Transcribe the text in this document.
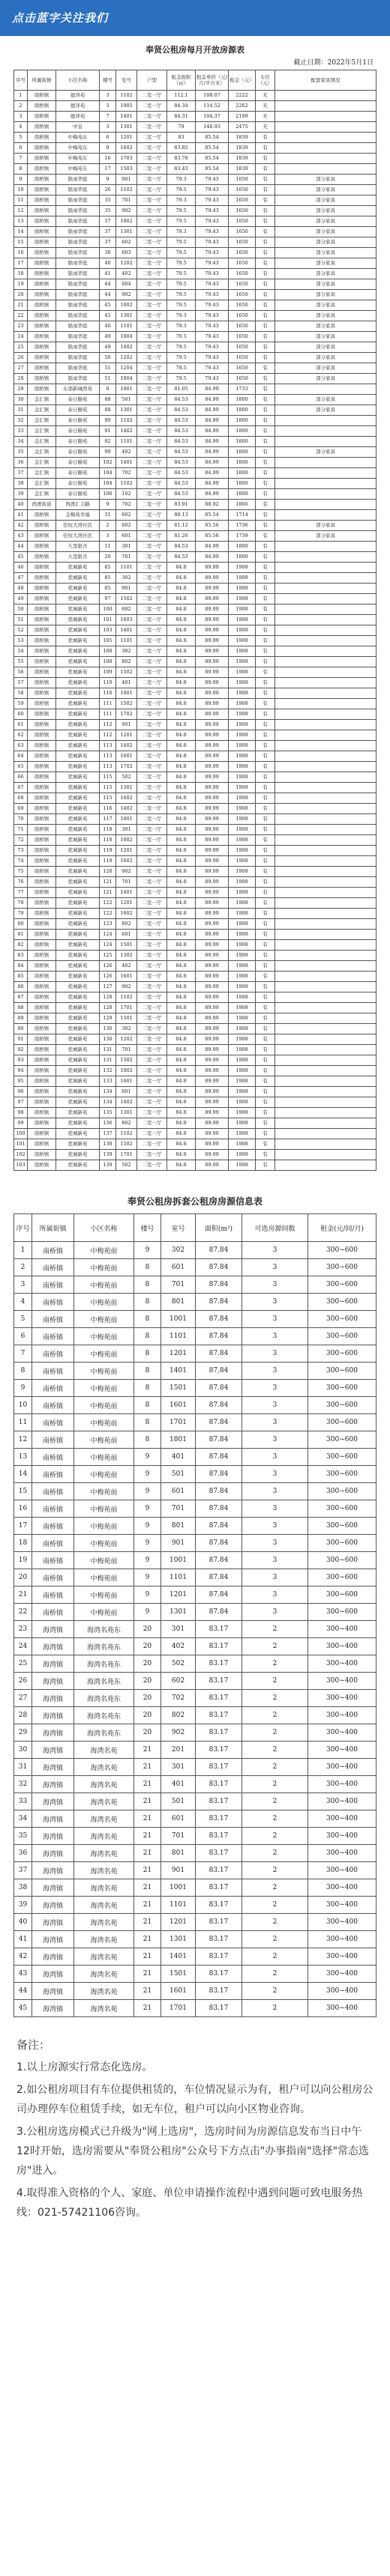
点击蓝字关注我们
奉贤公租房每月开放房源表
截止日期：2022年5月1日
序号	所属街镇	小区名称	楼号	室号	户型	租金面积（㎡）	租金单价（元/月/平方米）	租金（元）	车位（元）	配套家具情况
1	南桥镇	德泽苑	3	1102	二室一厅	112.1	108.07	2222	无	
2	南桥镇	德泽苑	3	1905	二室一厅	84.34	114.52	2262	无	
3	南桥镇	德泽苑	7	1401	二室一厅	84.31	104.37	2199	无	
4	南桥镇	中皇	3	1301	二室一厅	79	146.93	2475	无	
5	南桥镇	中梅苑东	6	1201	二室一厅	83	85.54	1839	有	
6	南桥镇	中梅苑东	9	1602	二室一厅	83.85	85.54	1839	有	
7	南桥镇	中梅苑东	16	1703	二室一厅	83.78	85.54	1839	有	
8	南桥镇	中梅苑东	17	1503	二室一厅	83.43	85.54	1839	有	
9	南桥镇	银雨华庭	9	901	二室一厅	79.3	79.43	1650	有	部分家具
10	南桥镇	银雨华庭	26	1102	二室一厅	79.5	79.43	1650	有	部分家具
11	南桥镇	银雨华庭	35	701	二室一厅	79.3	79.43	1650	有	部分家具
12	南桥镇	银雨华庭	35	902	二室一厅	79.5	79.43	1650	有	部分家具
13	南桥镇	银雨华庭	37	1002	二室一厅	79.5	79.43	1650	有	部分家具
14	南桥镇	银雨华庭	37	1301	二室一厅	79.3	79.43	1650	有	部分家具
15	南桥镇	银雨华庭	37	602	二室一厅	79.5	79.43	1650	有	部分家具
16	南桥镇	银雨华庭	38	603	二室一厅	79.5	79.43	1650	有	部分家具
17	南桥镇	银雨华庭	40	1202	二室一厅	79.5	79.43	1650	有	部分家具
18	南桥镇	银雨华庭	41	402	二室一厅	79.5	79.43	1650	有	部分家具
19	南桥镇	银雨华庭	44	604	二室一厅	79.5	79.43	1650	有	部分家具
20	南桥镇	银雨华庭	44	902	二室一厅	79.5	79.43	1650	有	部分家具
21	南桥镇	银雨华庭	45	1002	二室一厅	79.5	79.43	1650	有	部分家具
22	南桥镇	银雨华庭	45	1301	二室一厅	79.3	79.43	1650	有	部分家具
23	南桥镇	银雨华庭	46	1101	二室一厅	79.3	79.43	1650	有	部分家具
24	南桥镇	银雨华庭	49	1004	二室一厅	79.5	79.43	1650	有	部分家具
25	南桥镇	银雨华庭	49	1402	二室一厅	79.5	79.43	1650	有	部分家具
26	南桥镇	银雨华庭	50	1202	二室一厅	79.5	79.43	1650	有	部分家具
27	南桥镇	银雨华庭	51	1204	二室一厅	79.5	79.43	1650	有	部分家具
28	南桥镇	银雨华庭	51	1004	二室一厅	79.5	79.43	1650	有	部分家具
29	南桥镇	东部新城西苑	6	1001	二室一厅	81.05	84.99	1733	有	
30	金汇镇	泰日颐苑	88	501	二室一厅	84.53	84.99	1800	有	部分家具
31	金汇镇	泰日颐苑	88	1301	二室一厅	84.53	84.99	1800	有	部分家具
32	金汇镇	泰日颐苑	90	1102	二室一厅	84.53	84.99	1800	有	
33	金汇镇	泰日颐苑	91	1402	二室一厅	84.53	84.99	1800	有	
34	金汇镇	泰日颐苑	92	1101	二室一厅	84.53	84.99	1800	有	
35	金汇镇	泰日颐苑	99	402	二室一厅	84.53	84.99	1800	有	部分家具
36	金汇镇	泰日颐苑	102	1401	二室一厅	84.53	84.99	1800	有	
37	金汇镇	泰日颐苑	104	702	二室一厅	84.53	84.99	1800	有	
38	金汇镇	泰日颐苑	104	1102	二室一厅	84.53	84.99	1800	有	
39	金汇镇	泰日颐苑	106	102	二室一厅	84.53	84.99	1800	有	
40	西渡街道	西渡汇丰路	9	702	二室一厅	83.91	88.92	1866	有	
41	南桥镇	金梅苑幸福	31	602	二室一厅	80.13	85.54	1714	有	
42	南桥镇	佳恒大湾社区	2	602	二室一厅	81.12	85.56	1736	有	部分家具
43	南桥镇	佳恒大湾社区	3	601	二室一厅	81.26	85.56	1739	有	部分家具
44	南桥镇	九里银杏	11	301	二室一厅	84.53	84.99	1800	有	
45	南桥镇	九里银杏	20	701	二室一厅	84.53	84.99	1800	有	
46	南桥镇	优城新苑	85	1101	二室一厅	84.8	89.99	1908	有	
47	南桥镇	优城新苑	85	302	二室一厅	84.8	89.99	1908	有	
48	南桥镇	优城新苑	85	901	二室一厅	84.8	89.99	1908	有	
49	南桥镇	优城新苑	97	1502	二室一厅	84.8	89.99	1908	有	
50	南桥镇	优城新苑	100	602	二室一厅	84.8	89.99	1908	有	
51	南桥镇	优城新苑	101	1603	二室一厅	84.8	89.99	1908	有	
52	南桥镇	优城新苑	103	1401	二室一厅	84.8	89.99	1908	有	
53	南桥镇	优城新苑	105	1101	二室一厅	84.8	89.99	1908	有	
54	南桥镇	优城新苑	108	302	二室一厅	84.8	89.99	1908	有	
55	南桥镇	优城新苑	108	802	二室一厅	84.8	89.99	1908	有	
56	南桥镇	优城新苑	109	1502	二室一厅	84.8	89.99	1908	有	
57	南桥镇	优城新苑	110	401	二室一厅	84.8	89.99	1908	有	
58	南桥镇	优城新苑	110	1001	二室一厅	84.8	89.99	1908	有	
59	南桥镇	优城新苑	111	1502	二室一厅	84.8	89.99	1908	有	
60	南桥镇	优城新苑	111	1702	二室一厅	84.8	89.99	1908	有	
61	南桥镇	优城新苑	112	901	二室一厅	84.8	89.99	1908	有	
62	南桥镇	优城新苑	112	1201	二室一厅	84.8	89.99	1908	有	
63	南桥镇	优城新苑	113	1402	二室一厅	84.8	89.99	1908	有	
64	南桥镇	优城新苑	113	1601	二室一厅	84.8	89.99	1908	有	
65	南桥镇	优城新苑	113	1702	二室一厅	84.8	89.99	1908	有	
66	南桥镇	优城新苑	115	502	二室一厅	84.8	89.99	1908	有	
67	南桥镇	优城新苑	115	1301	二室一厅	84.8	89.99	1908	有	
68	南桥镇	优城新苑	115	1602	二室一厅	84.8	89.99	1908	有	
69	南桥镇	优城新苑	116	1402	二室一厅	84.8	89.99	1908	有	
70	南桥镇	优城新苑	117	1001	二室一厅	84.8	89.99	1908	有	
71	南桥镇	优城新苑	118	301	二室一厅	84.8	89.99	1908	有	
72	南桥镇	优城新苑	118	1002	二室一厅	84.8	89.99	1908	有	
73	南桥镇	优城新苑	119	1201	二室一厅	84.8	89.99	1908	有	
74	南桥镇	优城新苑	119	1602	二室一厅	84.8	89.99	1908	有	
75	南桥镇	优城新苑	120	902	二室一厅	84.8	89.99	1908	有	
76	南桥镇	优城新苑	121	701	二室一厅	84.8	89.99	1908	有	
77	南桥镇	优城新苑	121	1401	二室一厅	84.8	89.99	1908	有	
78	南桥镇	优城新苑	122	1201	二室一厅	84.8	89.99	1908	有	
79	南桥镇	优城新苑	122	1602	二室一厅	84.8	89.99	1908	有	
80	南桥镇	优城新苑	123	802	二室一厅	84.8	89.99	1908	有	
81	南桥镇	优城新苑	124	601	二室一厅	84.8	89.99	1908	有	
82	南桥镇	优城新苑	124	1501	二室一厅	84.8	89.99	1908	有	
83	南桥镇	优城新苑	125	1302	二室一厅	84.8	89.99	1908	有	
84	南桥镇	优城新苑	126	402	二室一厅	84.8	89.99	1908	有	
85	南桥镇	优城新苑	126	1601	二室一厅	84.8	89.99	1908	有	
86	南桥镇	优城新苑	127	902	二室一厅	84.8	89.99	1908	有	
87	南桥镇	优城新苑	128	1102	二室一厅	84.8	89.99	1908	有	
88	南桥镇	优城新苑	128	1701	二室一厅	84.8	89.99	1908	有	
89	南桥镇	优城新苑	129	1501	二室一厅	84.8	89.99	1908	有	
90	南桥镇	优城新苑	130	302	二室一厅	84.8	89.99	1908	有	
91	南桥镇	优城新苑	130	1202	二室一厅	84.8	89.99	1908	有	
92	南桥镇	优城新苑	131	701	二室一厅	84.8	89.99	1908	有	
93	南桥镇	优城新苑	131	1502	二室一厅	84.8	89.99	1908	有	
94	南桥镇	优城新苑	132	1002	二室一厅	84.8	89.99	1908	有	
95	南桥镇	优城新苑	133	1601	二室一厅	84.8	89.99	1908	有	
96	南桥镇	优城新苑	134	601	二室一厅	84.8	89.99	1908	有	
97	南桥镇	优城新苑	134	1402	二室一厅	84.8	89.99	1908	有	
98	南桥镇	优城新苑	135	1301	二室一厅	84.8	89.99	1908	有	
99	南桥镇	优城新苑	136	802	二室一厅	84.8	89.99	1908	有	
100	南桥镇	优城新苑	137	1102	二室一厅	84.8	89.99	1908	有	
101	南桥镇	优城新苑	138	1502	二室一厅	84.8	89.99	1908	有	
102	南桥镇	优城新苑	139	1701	二室一厅	84.8	89.99	1908	有	
103	南桥镇	优城新苑	139	502	二室一厅	84.8	89.99	1908	有	
奉贤公租房拆套公租房房源信息表
序号	所属街镇	小区名称	楼号	室号	面积(m²)	可选房源间数	租金(元/间/月)
1	南桥镇	中梅苑前	9	302	87.84	3	300~600
2	南桥镇	中梅苑前	8	601	87.84	3	300~600
3	南桥镇	中梅苑前	8	701	87.84	3	300~600
4	南桥镇	中梅苑前	8	801	87.84	3	300~600
5	南桥镇	中梅苑前	8	1001	87.84	3	300~600
6	南桥镇	中梅苑前	8	1101	87.84	3	300~600
7	南桥镇	中梅苑前	8	1201	87.84	3	300~600
8	南桥镇	中梅苑前	8	1401	87.84	3	300~600
9	南桥镇	中梅苑前	8	1501	87.84	3	300~600
10	南桥镇	中梅苑前	8	1601	87.84	3	300~600
11	南桥镇	中梅苑前	8	1701	87.84	3	300~600
12	南桥镇	中梅苑前	8	1801	87.84	3	300~600
13	南桥镇	中梅苑前	9	401	87.84	3	300~600
14	南桥镇	中梅苑前	9	501	87.84	3	300~600
15	南桥镇	中梅苑前	9	601	87.84	3	300~600
16	南桥镇	中梅苑前	9	701	87.84	3	300~600
17	南桥镇	中梅苑前	9	801	87.84	3	300~600
18	南桥镇	中梅苑前	9	901	87.84	3	300~600
19	南桥镇	中梅苑前	9	1001	87.84	3	300~600
20	南桥镇	中梅苑前	9	1101	87.84	3	300~600
21	南桥镇	中梅苑前	9	1201	87.84	3	300~600
22	南桥镇	中梅苑前	9	1301	87.84	3	300~600
23	海湾镇	海湾名苑东	20	301	83.17	2	300~400
24	海湾镇	海湾名苑东	20	402	83.17	2	300~400
25	海湾镇	海湾名苑东	20	502	83.17	2	300~400
26	海湾镇	海湾名苑东	20	602	83.17	2	300~400
27	海湾镇	海湾名苑东	20	702	83.17	2	300~400
28	海湾镇	海湾名苑东	20	802	83.17	2	300~400
29	海湾镇	海湾名苑东	20	902	83.17	2	300~400
30	海湾镇	海湾名苑	21	201	83.17	2	300~400
31	海湾镇	海湾名苑	21	301	83.17	2	300~400
32	海湾镇	海湾名苑	21	401	83.17	2	300~400
33	海湾镇	海湾名苑	21	501	83.17	2	300~400
34	海湾镇	海湾名苑	21	601	83.17	2	300~400
35	海湾镇	海湾名苑	21	701	83.17	2	300~400
36	海湾镇	海湾名苑	21	801	83.17	2	300~400
37	海湾镇	海湾名苑	21	901	83.17	2	300~400
38	海湾镇	海湾名苑	21	1001	83.17	2	300~400
39	海湾镇	海湾名苑	21	1101	83.17	2	300~400
40	海湾镇	海湾名苑	21	1201	83.17	2	300~400
41	海湾镇	海湾名苑	21	1301	83.17	2	300~400
42	海湾镇	海湾名苑	21	1401	83.17	2	300~400
43	海湾镇	海湾名苑	21	1501	83.17	2	300~400
44	海湾镇	海湾名苑	21	1601	83.17	2	300~400
45	海湾镇	海湾名苑	21	1701	83.17	2	300~400

备注：

1.以上房源实行常态化选房。

2.如公租房项目有车位提供租赁的，车位情况显示为有，租户可以向公租房公司办理停车位租赁手续，如无车位，租户可以向小区物业咨询。

3.公租房选房模式已升级为"网上选房"，选房时间为房源信息发布当日中午12时开始，选房需要从"奉贤公租房"公众号下方点击"办事指南"选择"常态选房"进入。

4.取得准入资格的个人、家庭、单位申请操作流程中遇到问题可致电服务热线：021-57421106咨询。
